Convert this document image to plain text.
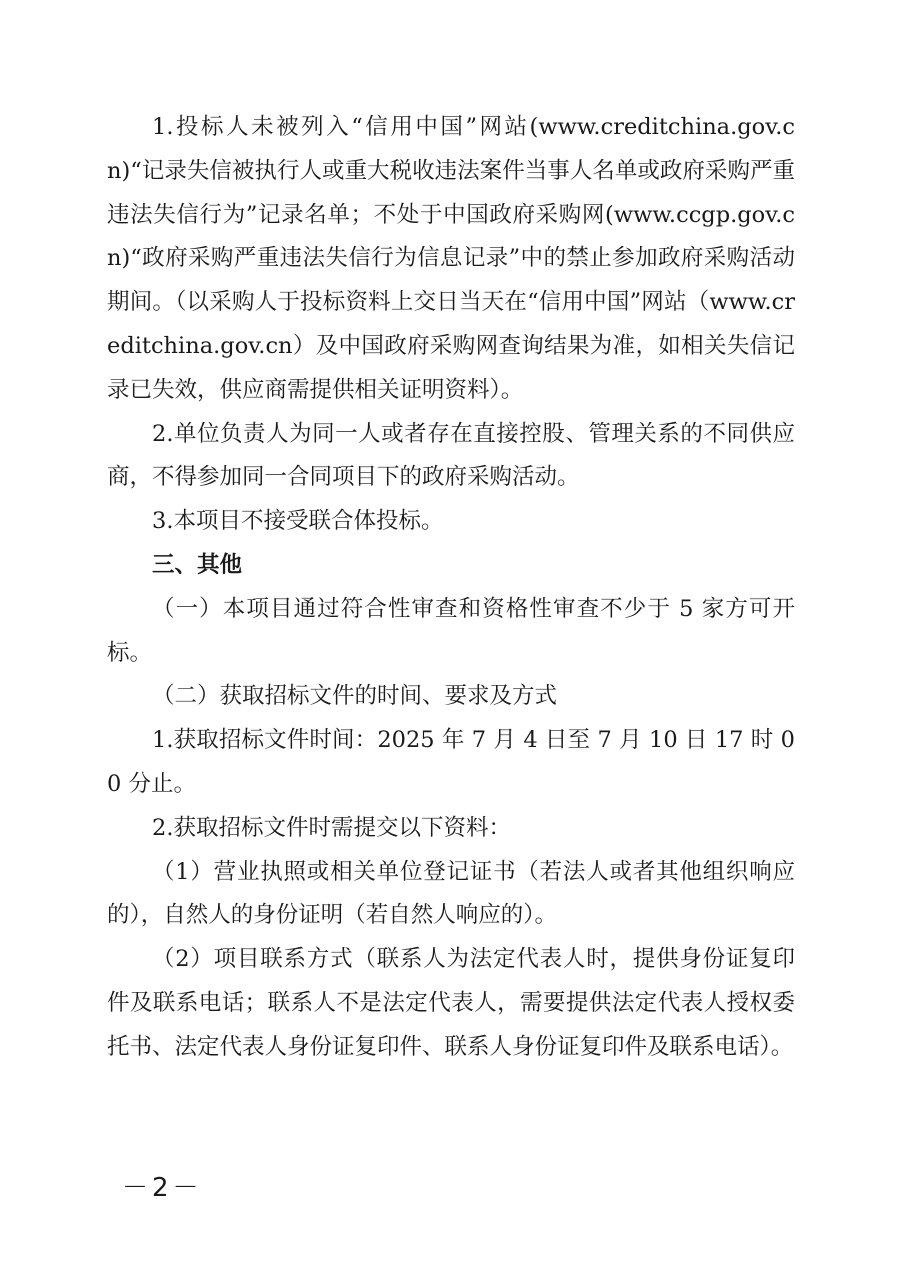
1.投标人未被列入“信用中国”网站(www.creditchina.gov.cn)“记录失信被执行人或重大税收违法案件当事人名单或政府采购严重违法失信行为”记录名单；不处于中国政府采购网(www.ccgp.gov.cn)“政府采购严重违法失信行为信息记录”中的禁止参加政府采购活动期间。（以采购人于投标资料上交日当天在“信用中国”网站（www.creditchina.gov.cn）及中国政府采购网查询结果为准，如相关失信记录已失效，供应商需提供相关证明资料）。

2.单位负责人为同一人或者存在直接控股、管理关系的不同供应商，不得参加同一合同项目下的政府采购活动。

3.本项目不接受联合体投标。

三、其他

（一）本项目通过符合性审查和资格性审查不少于 5 家方可开标。

（二）获取招标文件的时间、要求及方式

1.获取招标文件时间：2025 年 7 月 4 日至 7 月 10 日 17 时 00 分止。

2.获取招标文件时需提交以下资料：

（1）营业执照或相关单位登记证书（若法人或者其他组织响应的），自然人的身份证明（若自然人响应的）。

（2）项目联系方式（联系人为法定代表人时，提供身份证复印件及联系电话；联系人不是法定代表人，需要提供法定代表人授权委托书、法定代表人身份证复印件、联系人身份证复印件及联系电话）。

－2－
